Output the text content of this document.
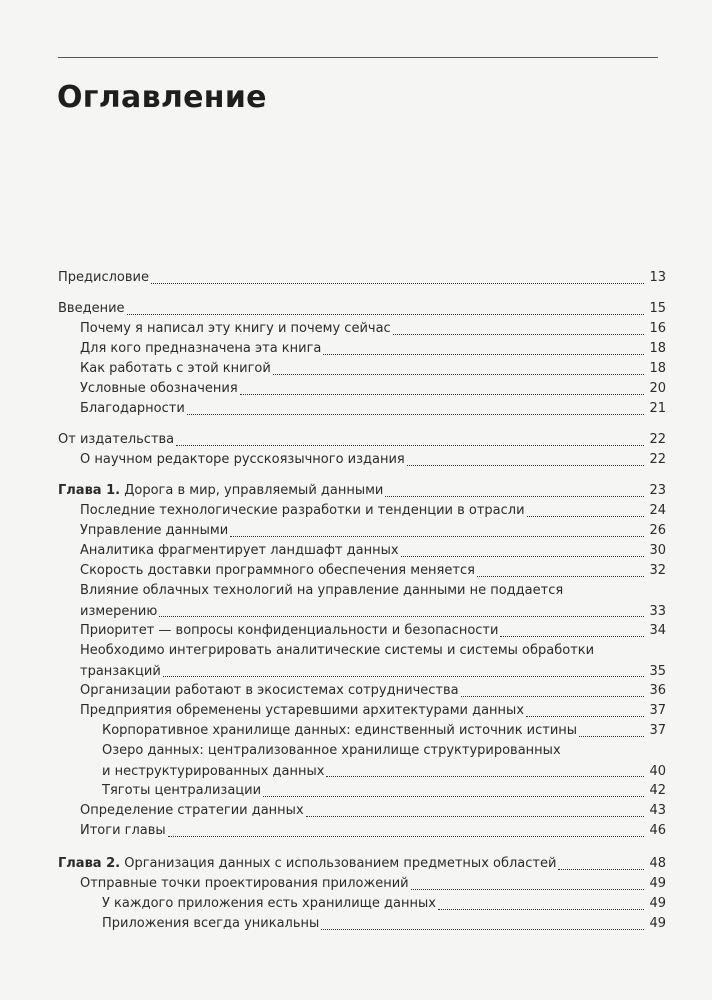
Оглавление
Предисловие	13
Введение	15
Почему я написал эту книгу и почему сейчас	16
Для кого предназначена эта книга	18
Как работать с этой книгой	18
Условные обозначения	20
Благодарности	21
От издательства	22
О научном редакторе русскоязычного издания	22
Глава 1. Дорога в мир, управляемый данными	23
Последние технологические разработки и тенденции в отрасли	24
Управление данными	26
Аналитика фрагментирует ландшафт данных	30
Скорость доставки программного обеспечения меняется	32
Влияние облачных технологий на управление данными не поддается
измерению	33
Приоритет — вопросы конфиденциальности и безопасности	34
Необходимо интегрировать аналитические системы и системы обработки
транзакций	35
Организации работают в экосистемах сотрудничества	36
Предприятия обременены устаревшими архитектурами данных	37
Корпоративное хранилище данных: единственный источник истины	37
Озеро данных: централизованное хранилище структурированных
и неструктурированных данных	40
Тяготы централизации	42
Определение стратегии данных	43
Итоги главы	46
Глава 2. Организация данных с использованием предметных областей	48
Отправные точки проектирования приложений	49
У каждого приложения есть хранилище данных	49
Приложения всегда уникальны	49
